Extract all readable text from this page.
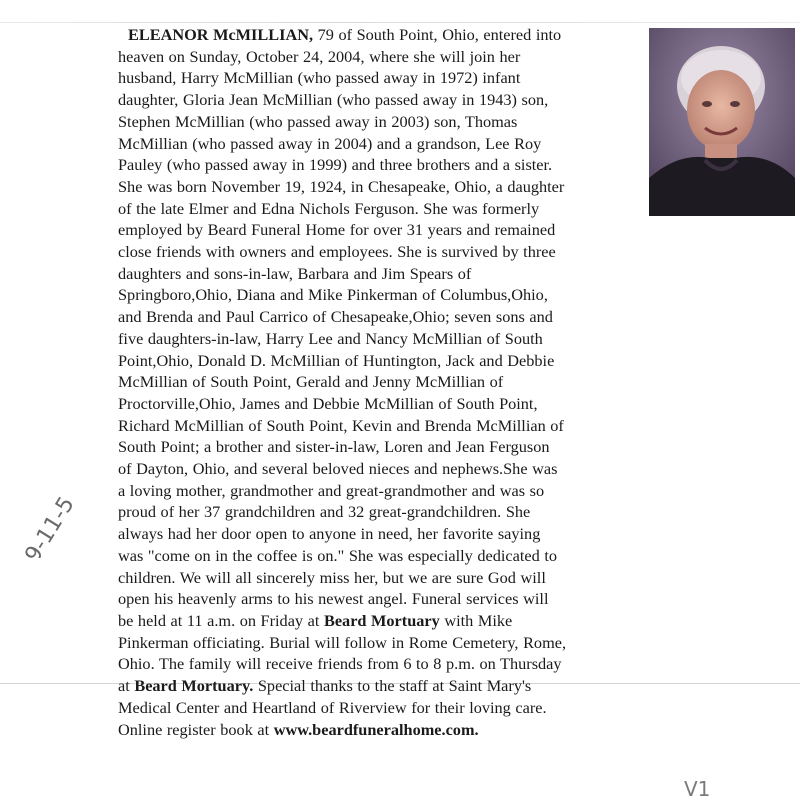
ELEANOR McMILLIAN, 79 of South Point, Ohio, entered into
heaven on Sunday, October 24, 2004, where she will join her
husband, Harry McMillian (who passed away in 1972) infant
daughter, Gloria Jean McMillian (who passed away in 1943) son,
Stephen McMillian (who passed away in 2003) son, Thomas
McMillian (who passed away in 2004) and a grandson, Lee Roy
Pauley (who passed away in 1999) and three brothers and a sister.
She was born November 19, 1924, in Chesapeake, Ohio, a daughter
of the late Elmer and Edna Nichols Ferguson. She was formerly
employed by Beard Funeral Home for over 31 years and remained
close friends with owners and employees. She is survived by three
daughters and sons-in-law, Barbara and Jim Spears of
Springboro,Ohio, Diana and Mike Pinkerman of Columbus,Ohio,
and Brenda and Paul Carrico of Chesapeake,Ohio; seven sons and
five daughters-in-law, Harry Lee and Nancy McMillian of South
Point,Ohio, Donald D. McMillian of Huntington, Jack and Debbie
McMillian of South Point, Gerald and Jenny McMillian of
Proctorville,Ohio, James and Debbie McMillian of South Point,
Richard McMillian of South Point, Kevin and Brenda McMillian of
South Point; a brother and sister-in-law, Loren and Jean Ferguson
of Dayton, Ohio, and several beloved nieces and nephews.She was
a loving mother, grandmother and great-grandmother and was so
proud of her 37 grandchildren and 32 great-grandchildren. She
always had her door open to anyone in need, her favorite saying
was "come on in the coffee is on." She was especially dedicated to
children. We will all sincerely miss her, but we are sure God will
open his heavenly arms to his newest angel. Funeral services will
be held at 11 a.m. on Friday at Beard Mortuary with Mike
Pinkerman officiating. Burial will follow in Rome Cemetery, Rome,
Ohio. The family will receive friends from 6 to 8 p.m. on Thursday
at Beard Mortuary. Special thanks to the staff at Saint Mary's
Medical Center and Heartland of Riverview for their loving care.
Online register book at www.beardfuneralhome.com.
9-11-5
V1
